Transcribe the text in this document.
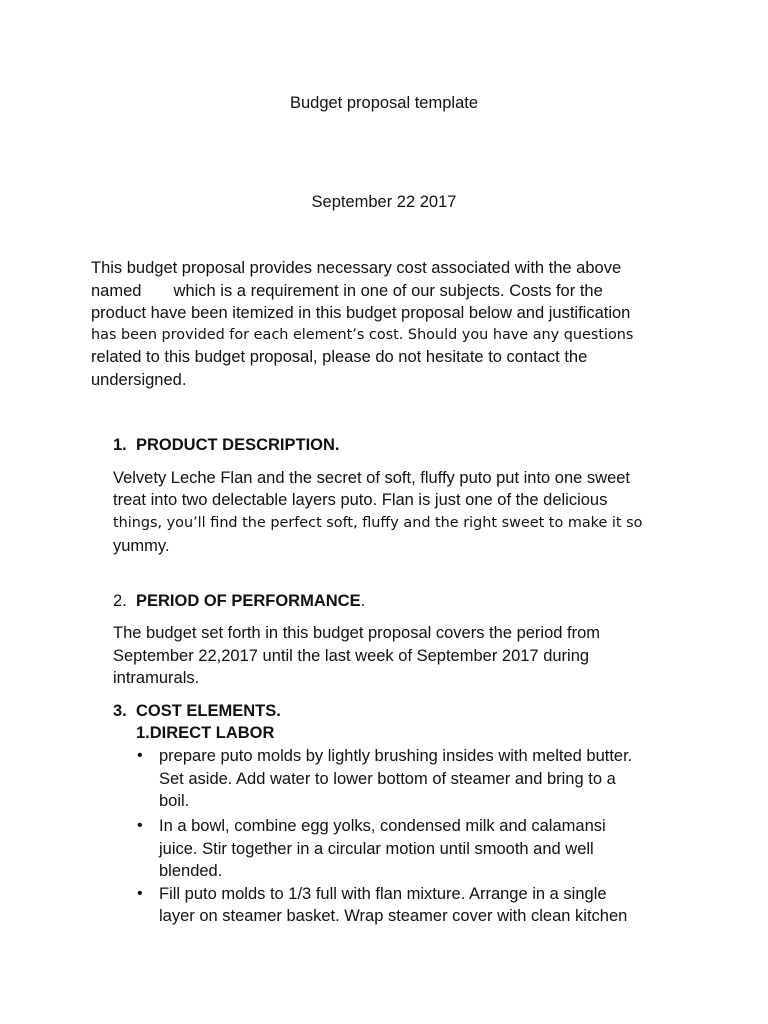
Budget proposal template
September 22 2017
This budget proposal provides necessary cost associated with the above
named       which is a requirement in one of our subjects. Costs for the
product have been itemized in this budget proposal below and justification
has been provided for each element’s cost. Should you have any questions
related to this budget proposal, please do not hesitate to contact the
undersigned.
1. PRODUCT DESCRIPTION.
Velvety Leche Flan and the secret of soft, fluffy puto put into one sweet
treat into two delectable layers puto. Flan is just one of the delicious
things, you’ll find the perfect soft, fluffy and the right sweet to make it so
yummy.
2. PERIOD OF PERFORMANCE.
The budget set forth in this budget proposal covers the period from
September 22,2017 until the last week of September 2017 during
intramurals.
3. COST ELEMENTS.
1.DIRECT LABOR
• prepare puto molds by lightly brushing insides with melted butter.
Set aside. Add water to lower bottom of steamer and bring to a
boil.
• In a bowl, combine egg yolks, condensed milk and calamansi
juice. Stir together in a circular motion until smooth and well
blended.
• Fill puto molds to 1/3 full with flan mixture. Arrange in a single
layer on steamer basket. Wrap steamer cover with clean kitchen
